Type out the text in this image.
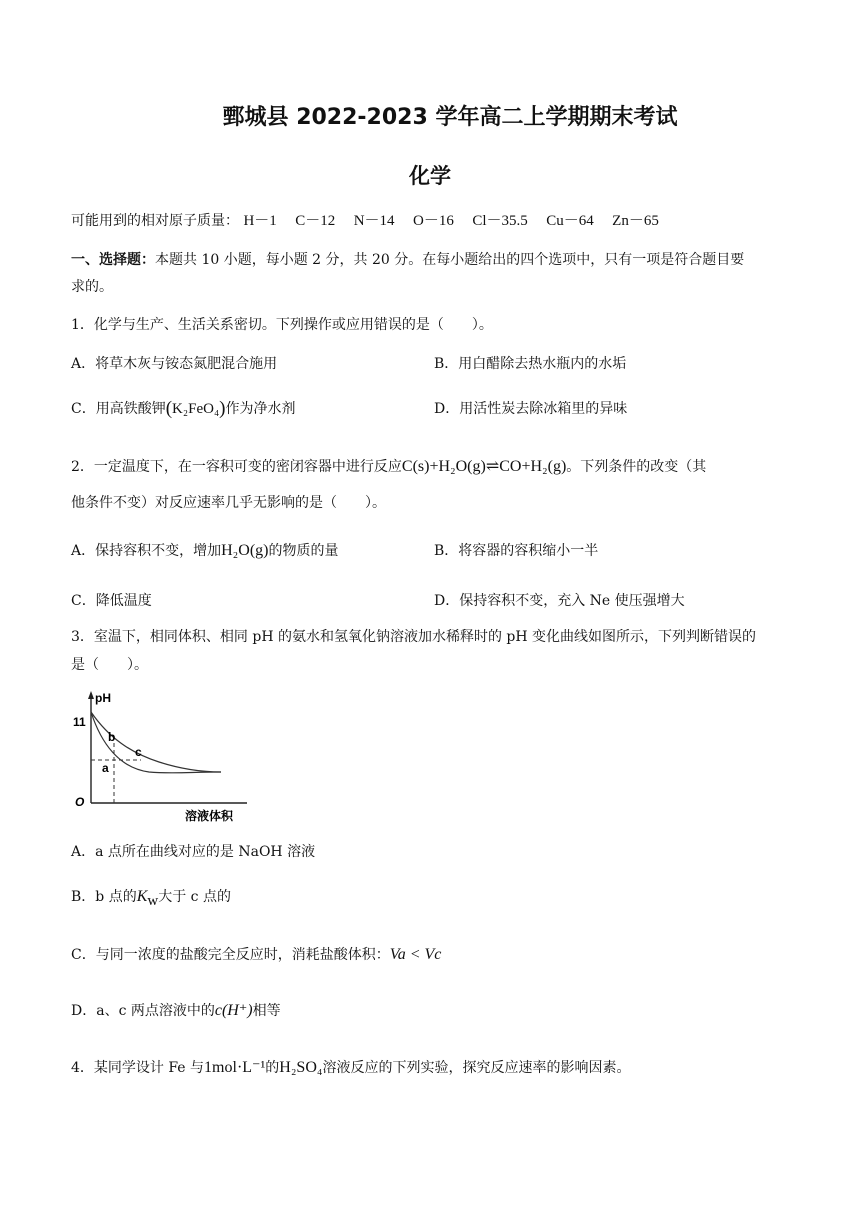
鄄城县 2022-2023 学年高二上学期期末考试
化学
可能用到的相对原子质量： H－1 C－12 N－14 O－16 Cl－35.5 Cu－64 Zn－65
一、选择题：本题共 10 小题，每小题 2 分，共 20 分。在每小题给出的四个选项中，只有一项是符合题目要
求的。
1．化学与生产、生活关系密切。下列操作或应用错误的是（　　）。
A．将草木灰与铵态氮肥混合施用	B．用白醋除去热水瓶内的水垢
C．用高铁酸钾(K₂FeO₄)作为净水剂	D．用活性炭去除冰箱里的异味
2．一定温度下，在一容积可变的密闭容器中进行反应C(s)+H₂O(g)⇌CO+H₂(g)。下列条件的改变（其
他条件不变）对反应速率几乎无影响的是（　　）。
A．保持容积不变，增加H₂O(g)的物质的量	B．将容器的容积缩小一半
C．降低温度	D．保持容积不变，充入 Ne 使压强增大
3．室温下，相同体积、相同 pH 的氨水和氢氧化钠溶液加水稀释时的 pH 变化曲线如图所示，下列判断错误的
是（　　）。
pH
11
O
溶液体积
b
c
a
A．a 点所在曲线对应的是 NaOH 溶液
B．b 点的$K_w$大于 c 点的
C．与同一浓度的盐酸完全反应时，消耗盐酸体积：Va < Vc
D．a、c 两点溶液中的c(H⁺)相等
4．某同学设计 Fe 与1mol·L⁻¹的H₂SO₄溶液反应的下列实验，探究反应速率的影响因素。
